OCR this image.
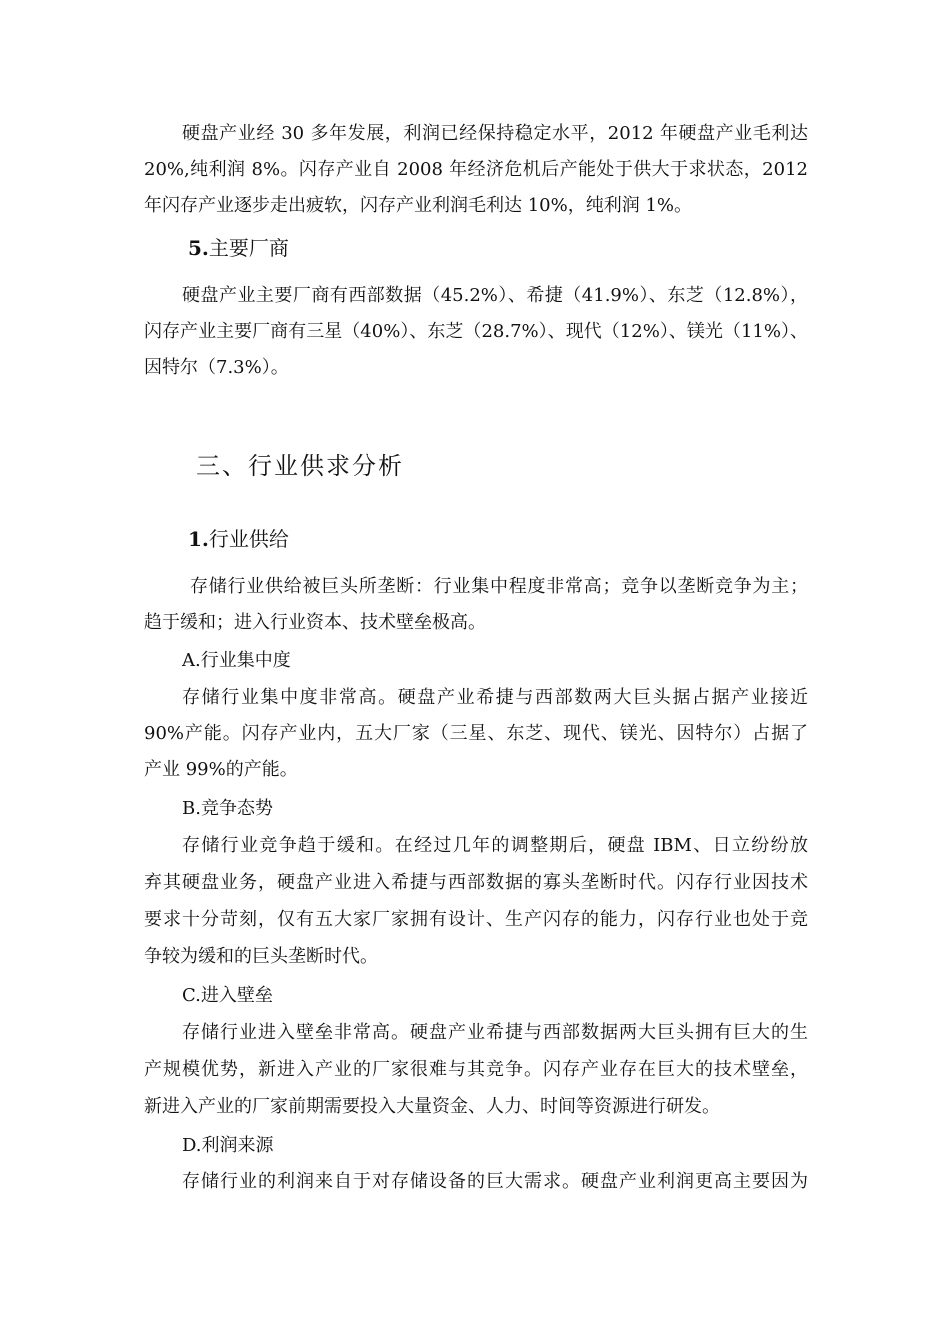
硬盘产业经 30 多年发展，利润已经保持稳定水平，2012 年硬盘产业毛利达
20%,纯利润 8%。闪存产业自 2008 年经济危机后产能处于供大于求状态，2012
年闪存产业逐步走出疲软，闪存产业利润毛利达 10%，纯利润 1%。
5.主要厂商
硬盘产业主要厂商有西部数据（45.2%）、希捷（41.9%）、东芝（12.8%），
闪存产业主要厂商有三星（40%）、东芝（28.7%）、现代（12%）、镁光（11%）、
因特尔（7.3%）。
三、行业供求分析
1.行业供给
存储行业供给被巨头所垄断：行业集中程度非常高；竞争以垄断竞争为主；
趋于缓和；进入行业资本、技术壁垒极高。
A.行业集中度
存储行业集中度非常高。硬盘产业希捷与西部数两大巨头据占据产业接近
90%产能。闪存产业内，五大厂家（三星、东芝、现代、镁光、因特尔）占据了
产业 99%的产能。
B.竞争态势
存储行业竞争趋于缓和。在经过几年的调整期后，硬盘 IBM、日立纷纷放
弃其硬盘业务，硬盘产业进入希捷与西部数据的寡头垄断时代。闪存行业因技术
要求十分苛刻，仅有五大家厂家拥有设计、生产闪存的能力，闪存行业也处于竞
争较为缓和的巨头垄断时代。
C.进入壁垒
存储行业进入壁垒非常高。硬盘产业希捷与西部数据两大巨头拥有巨大的生
产规模优势，新进入产业的厂家很难与其竞争。闪存产业存在巨大的技术壁垒，
新进入产业的厂家前期需要投入大量资金、人力、时间等资源进行研发。
D.利润来源
存储行业的利润来自于对存储设备的巨大需求。硬盘产业利润更高主要因为
